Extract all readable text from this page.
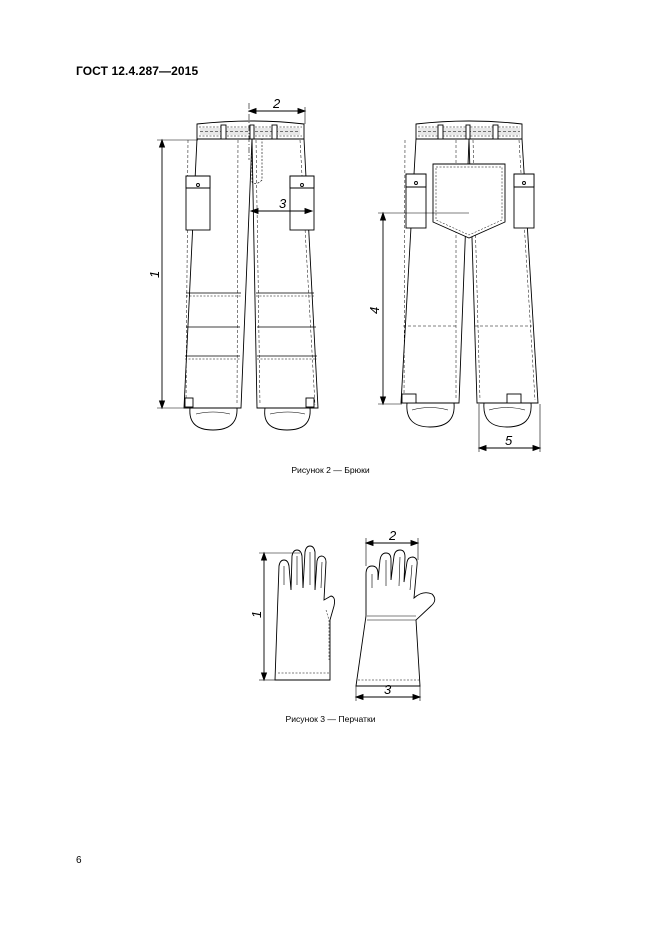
ГОСТ 12.4.287—2015
2
3
1
4
5
Рисунок 2 — Брюки
2
3
1
Рисунок 3 — Перчатки
6
